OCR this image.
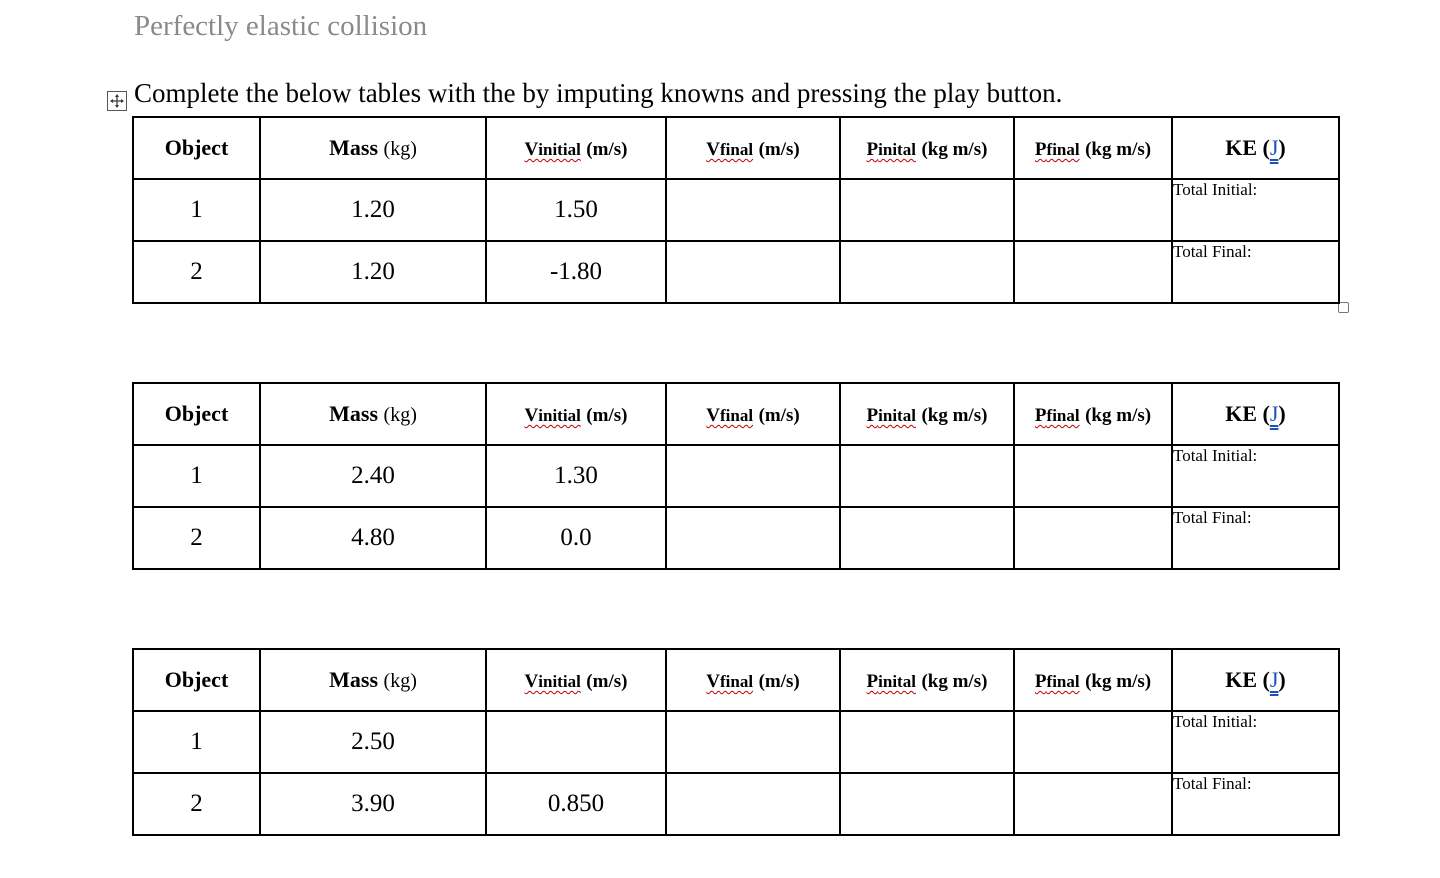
Perfectly elastic collision
Complete the below tables with the by imputing knowns and pressing the play button.
Object	Mass (kg)	Vinitial (m/s)	Vfinal (m/s)	Pinital (kg m/s)	Pfinal (kg m/s)	KE (J)
1	1.20	1.50				Total Initial:
2	1.20	-1.80				Total Final:
Object	Mass (kg)	Vinitial (m/s)	Vfinal (m/s)	Pinital (kg m/s)	Pfinal (kg m/s)	KE (J)
1	2.40	1.30				Total Initial:
2	4.80	0.0				Total Final:
Object	Mass (kg)	Vinitial (m/s)	Vfinal (m/s)	Pinital (kg m/s)	Pfinal (kg m/s)	KE (J)
1	2.50					Total Initial:
2	3.90	0.850				Total Final:
